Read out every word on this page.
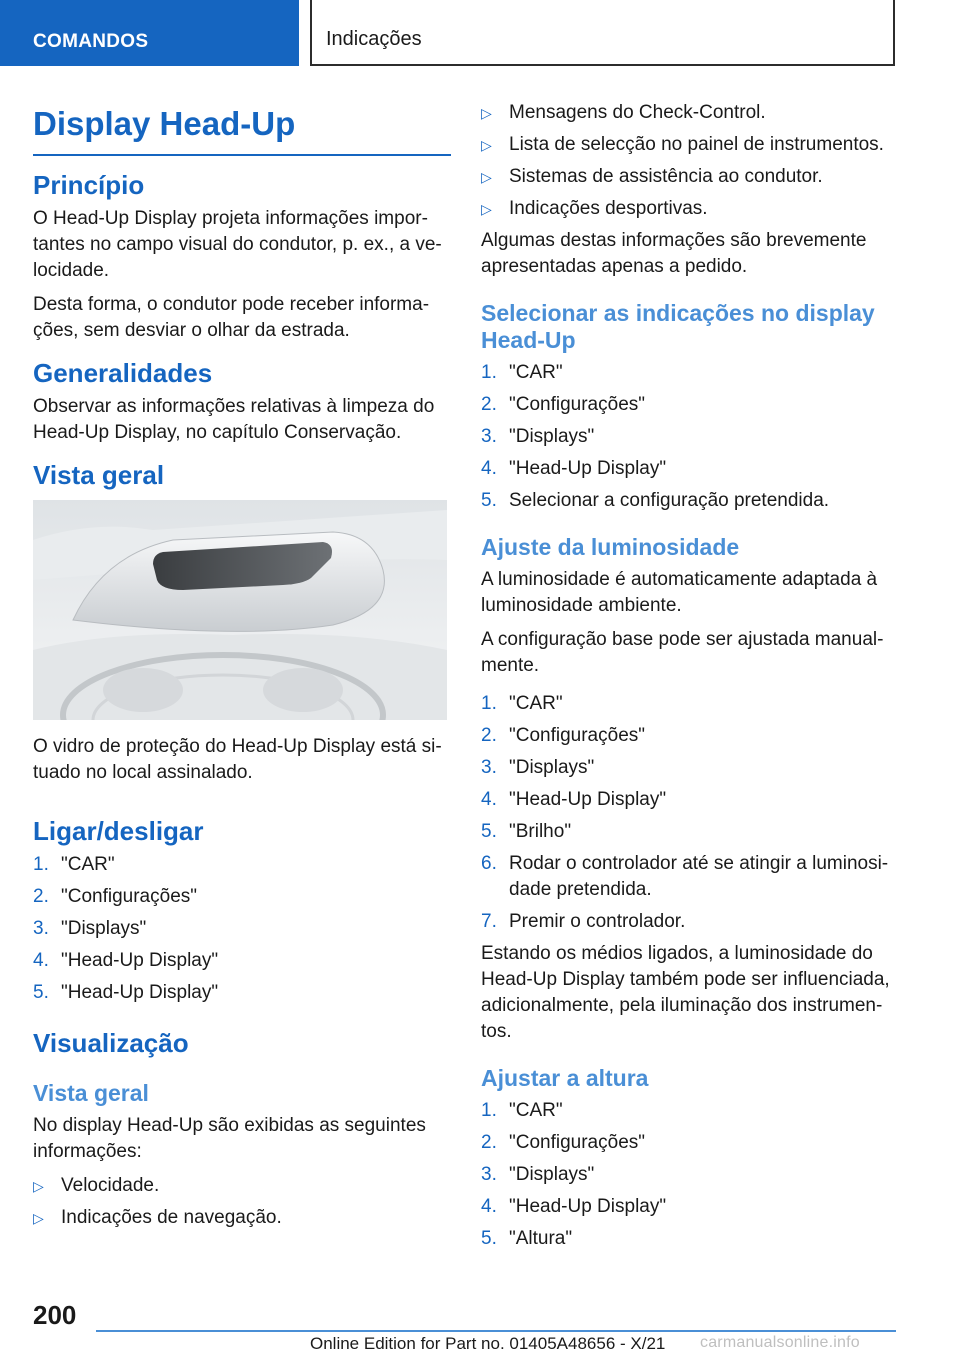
COMANDOS	Indicações
Display Head-Up
Princípio

O Head-Up Display projeta informações impor-tantes no campo visual do condutor, p. ex., a ve-locidade.

Desta forma, o condutor pode receber informa-ções, sem desviar o olhar da estrada.

Generalidades

Observar as informações relativas à limpeza do Head-Up Display, no capítulo Conservação.

Vista geral

O vidro de proteção do Head-Up Display está si-tuado no local assinalado.

Ligar/desligar
1. "CAR"
2. "Configurações"
3. "Displays"
4. "Head-Up Display"
5. "Head-Up Display"
Visualização
Vista geral

No display Head-Up são exibidas as seguintes informações:

▷ Velocidade.
▷ Indicações de navegação.
▷ Mensagens do Check-Control.
▷ Lista de selecção no painel de instrumentos.
▷ Sistemas de assistência ao condutor.
▷ Indicações desportivas.

Algumas destas informações são brevemente apresentadas apenas a pedido.

Selecionar as indicações no display Head-Up
1. "CAR"
2. "Configurações"
3. "Displays"
4. "Head-Up Display"
5. Selecionar a configuração pretendida.
Ajuste da luminosidade

A luminosidade é automaticamente adaptada à luminosidade ambiente.

A configuração base pode ser ajustada manual-mente.

1. "CAR"
2. "Configurações"
3. "Displays"
4. "Head-Up Display"
5. "Brilho"
6. Rodar o controlador até se atingir a luminosi-dade pretendida.
7. Premir o controlador.

Estando os médios ligados, a luminosidade do Head-Up Display também pode ser influenciada, adicionalmente, pela iluminação dos instrumen-tos.

Ajustar a altura
1. "CAR"
2. "Configurações"
3. "Displays"
4. "Head-Up Display"
5. "Altura"
200
Online Edition for Part no. 01405A48656 - X/21 carmanualsonline.info
